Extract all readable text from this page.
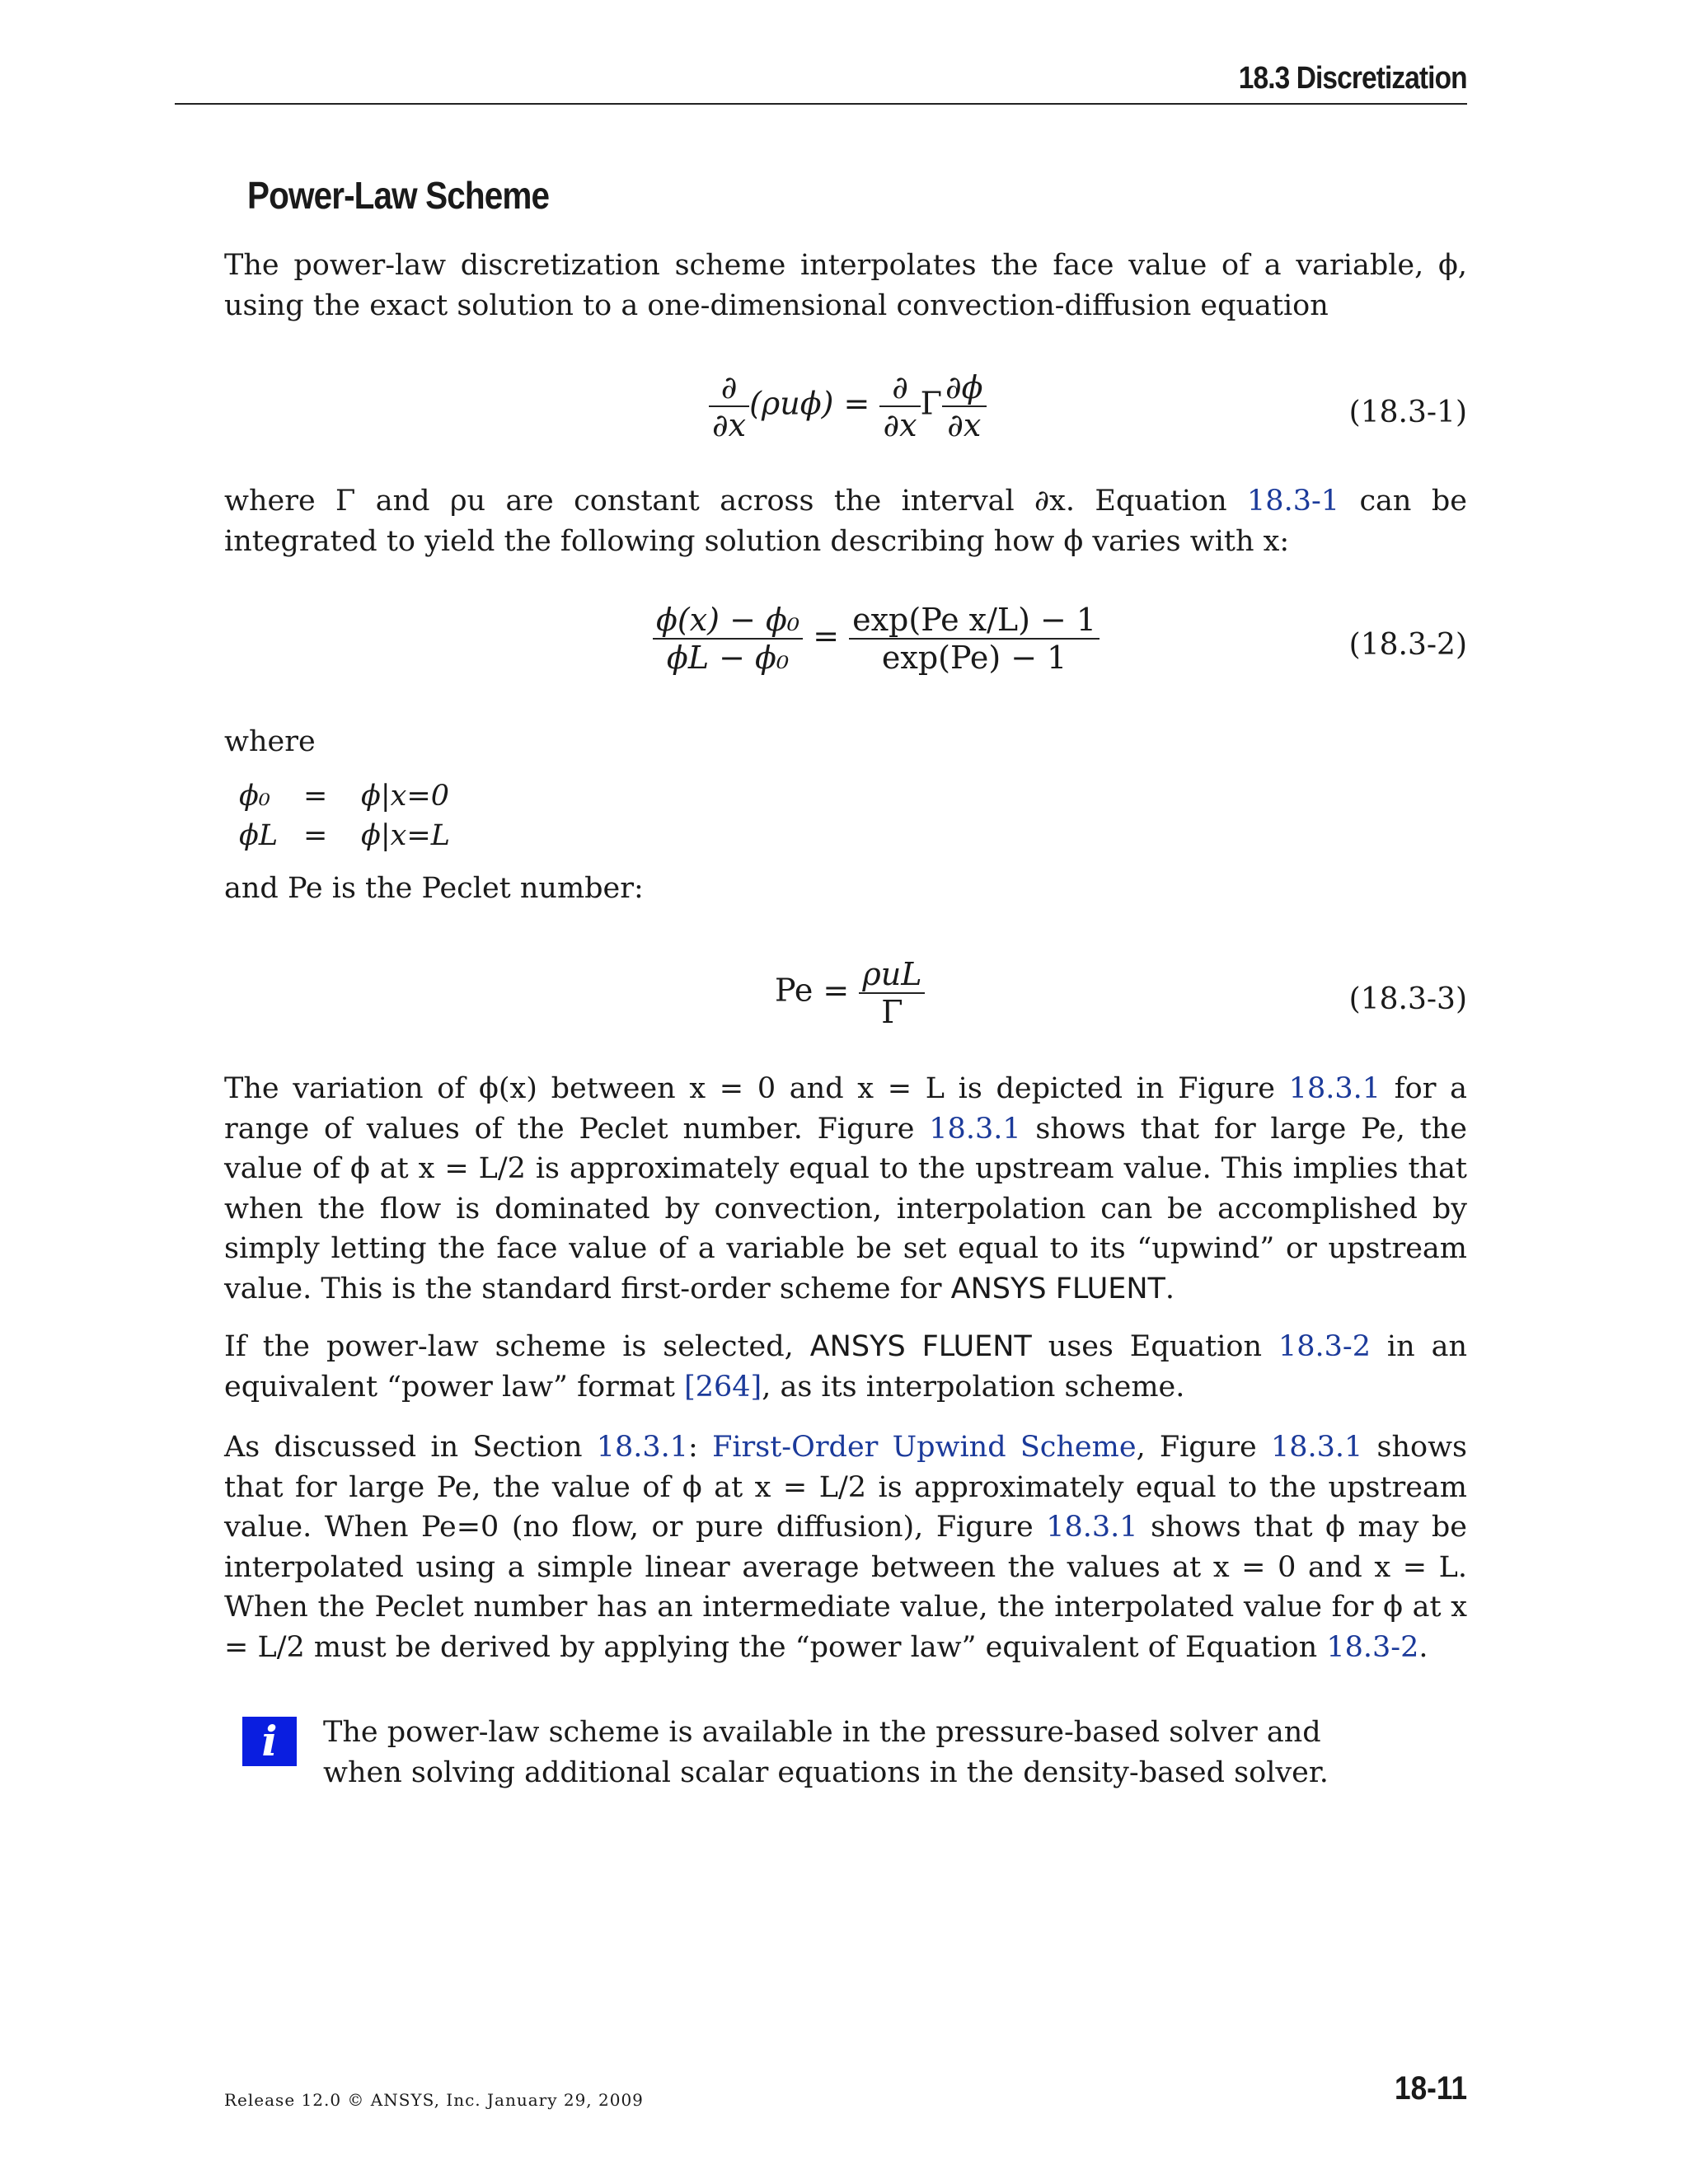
18.3 Discretization
Power-Law Scheme

The power-law discretization scheme interpolates the face value of a variable, ϕ, using the exact solution to a one-dimensional convection-diffusion equation

$\frac{\partial}{\partial x} (\rho u\phi) = \frac{\partial}{\partial x}$ Γ $\frac{\partial\phi}{\partial x}$	(18.3-1)

where Γ and ρu are constant across the interval ∂x. Equation 18.3-1 can be integrated to yield the following solution describing how ϕ varies with x:

$\frac{\text{ϕ(x) − ϕ₀}}{\text{ϕL − ϕ₀}} = \frac{\text{exp(Pe x/L) − 1}}{\exp(Pe) - 1}$	(18.3-2)
where
ϕ₀ = ϕ|x=0
ϕL = ϕ|x=L
and Pe is the Peclet number:
$Pe = \frac{\text{ρuL}}{\Gamma}$	(18.3-3)

The variation of ϕ(x) between x = 0 and x = L is depicted in Figure 18.3.1 for a range of values of the Peclet number. Figure 18.3.1 shows that for large Pe, the value of ϕ at x = L/2 is approximately equal to the upstream value. This implies that when the flow is dominated by convection, interpolation can be accomplished by simply letting the face value of a variable be set equal to its “upwind” or upstream value. This is the standard first-order scheme for ANSYS FLUENT.

If the power-law scheme is selected, ANSYS FLUENT uses Equation 18.3-2 in an equivalent “power law” format [264], as its interpolation scheme.

As discussed in Section 18.3.1: First-Order Upwind Scheme, Figure 18.3.1 shows that for large Pe, the value of ϕ at x = L/2 is approximately equal to the upstream value. When Pe=0 (no flow, or pure diffusion), Figure 18.3.1 shows that ϕ may be interpolated using a simple linear average between the values at x = 0 and x = L. When the Peclet number has an intermediate value, the interpolated value for ϕ at x = L/2 must be derived by applying the “power law” equivalent of Equation 18.3-2.

i	The power-law scheme is available in the pressure-based solver and when solving additional scalar equations in the density-based solver.
Release 12.0 © ANSYS, Inc. January 29, 2009	18-11
